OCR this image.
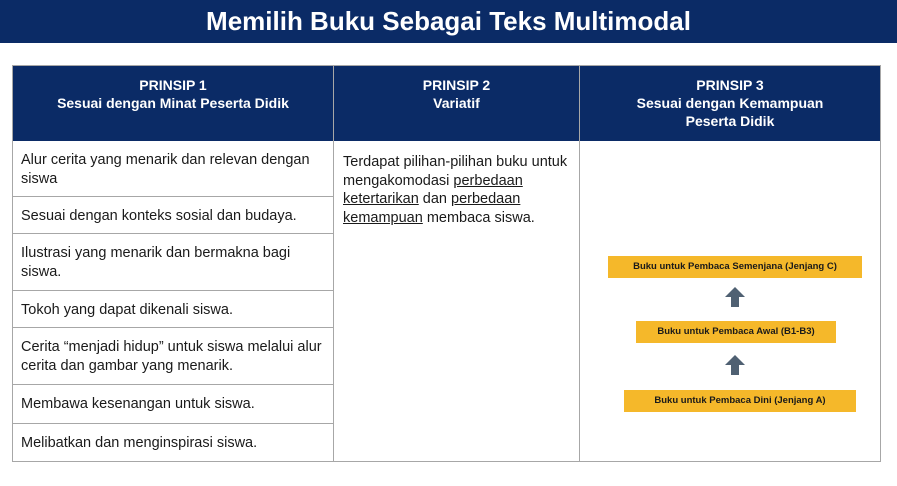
Memilih Buku Sebagai Teks Multimodal
PRINSIP 1
Sesuai dengan Minat Peserta Didik
Alur cerita yang menarik dan relevan dengan siswa
Sesuai dengan konteks sosial dan budaya.
Ilustrasi yang menarik dan bermakna bagi siswa.
Tokoh yang dapat dikenali siswa.
Cerita “menjadi hidup” untuk siswa melalui alur cerita dan gambar yang menarik.
Membawa kesenangan untuk siswa.
Melibatkan dan menginspirasi siswa.
PRINSIP 2
Variatif
Terdapat pilihan-pilihan buku untuk mengakomodasi perbedaan ketertarikan dan perbedaan kemampuan membaca siswa.
PRINSIP 3
Sesuai dengan Kemampuan
Peserta Didik
Buku untuk Pembaca Semenjana (Jenjang C)
Buku untuk Pembaca Awal (B1-B3)
Buku untuk Pembaca Dini (Jenjang A)
